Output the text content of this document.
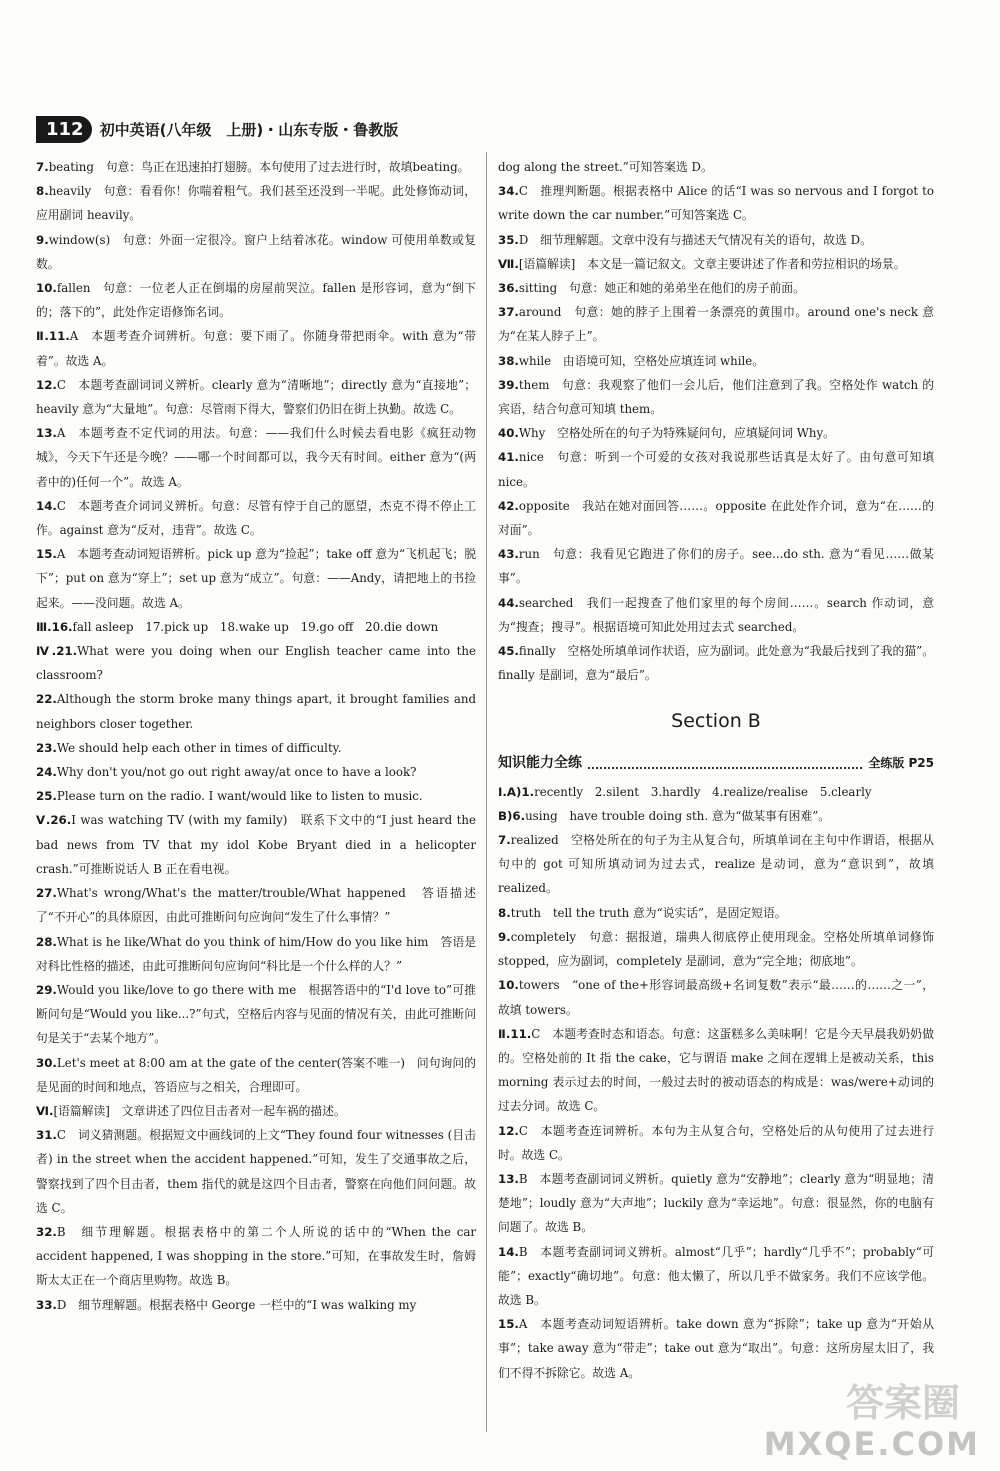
112	初中英语(八年级　上册)・山东专版・鲁教版
7.beating　句意：鸟正在迅速拍打翅膀。本句使用了过去进行时，故填beating。
8.heavily　句意：看看你！你喘着粗气。我们甚至还没到一半呢。此处修饰动词，应用副词 heavily。
9.window(s)　句意：外面一定很冷。窗户上结着冰花。window 可使用单数或复数。
10.fallen　句意：一位老人正在倒塌的房屋前哭泣。fallen 是形容词，意为“倒下的；落下的”，此处作定语修饰名词。
Ⅱ.11.A　本题考查介词辨析。句意：要下雨了。你随身带把雨伞。with 意为“带着”。故选 A。
12.C　本题考查副词词义辨析。clearly 意为“清晰地”；directly 意为“直接地”；heavily 意为“大量地”。句意：尽管雨下得大，警察们仍旧在街上执勤。故选 C。
13.A　本题考查不定代词的用法。句意：——我们什么时候去看电影《疯狂动物城》，今天下午还是今晚？——哪一个时间都可以，我今天有时间。either 意为“(两者中的)任何一个”。故选 A。
14.C　本题考查介词词义辨析。句意：尽管有悖于自己的愿望，杰克不得不停止工作。against 意为“反对，违背”。故选 C。
15.A　本题考查动词短语辨析。pick up 意为“捡起”；take off 意为“飞机起飞；脱下”；put on 意为“穿上”；set up 意为“成立”。句意：——Andy，请把地上的书捡起来。——没问题。故选 A。
Ⅲ.16.fall asleep　17.pick up　18.wake up　19.go off　20.die down
Ⅳ.21.What were you doing when our English teacher came into the classroom?
22.Although the storm broke many things apart, it brought families and neighbors closer together.
23.We should help each other in times of difficulty.
24.Why don't you/not go out right away/at once to have a look?
25.Please turn on the radio. I want/would like to listen to music.
Ⅴ.26.I was watching TV (with my family)　联系下文中的“I just heard the bad news from TV that my idol Kobe Bryant died in a helicopter crash.”可推断说话人 B 正在看电视。
27.What's wrong/What's the matter/trouble/What happened　答语描述了“不开心”的具体原因，由此可推断问句应询问“发生了什么事情？”
28.What is he like/What do you think of him/How do you like him　答语是对科比性格的描述，由此可推断问句应询问“科比是一个什么样的人？”
29.Would you like/love to go there with me　根据答语中的“I'd love to”可推断问句是“Would you like...?”句式，空格后内容与见面的情况有关，由此可推断问句是关于“去某个地方”。
30.Let's meet at 8:00 am at the gate of the center(答案不唯一)　问句询问的是见面的时间和地点，答语应与之相关，合理即可。
Ⅵ.[语篇解读]　文章讲述了四位目击者对一起车祸的描述。
31.C　词义猜测题。根据短文中画线词的上文“They found four witnesses (目击者) in the street when the accident happened.”可知，发生了交通事故之后，警察找到了四个目击者，them 指代的就是这四个目击者，警察在向他们问问题。故选 C。
32.B　细节理解题。根据表格中的第二个人所说的话中的“When the car accident happened, I was shopping in the store.”可知，在事故发生时，詹姆斯太太正在一个商店里购物。故选 B。
33.D　细节理解题。根据表格中 George 一栏中的“I was walking my
dog along the street.”可知答案选 D。
34.C　推理判断题。根据表格中 Alice 的话“I was so nervous and I forgot to write down the car number.”可知答案选 C。
35.D　细节理解题。文章中没有与描述天气情况有关的语句，故选 D。
Ⅶ.[语篇解读]　本文是一篇记叙文。文章主要讲述了作者和劳拉相识的场景。
36.sitting　句意：她正和她的弟弟坐在他们的房子前面。
37.around　句意：她的脖子上围着一条漂亮的黄围巾。around one's neck 意为“在某人脖子上”。
38.while　由语境可知，空格处应填连词 while。
39.them　句意：我观察了他们一会儿后，他们注意到了我。空格处作 watch 的宾语，结合句意可知填 them。
40.Why　空格处所在的句子为特殊疑问句，应填疑问词 Why。
41.nice　句意：听到一个可爱的女孩对我说那些话真是太好了。由句意可知填 nice。
42.opposite　我站在她对面回答……。opposite 在此处作介词，意为“在……的对面”。
43.run　句意：我看见它跑进了你们的房子。see...do sth. 意为“看见……做某事”。
44.searched　我们一起搜查了他们家里的每个房间……。search 作动词，意为“搜查；搜寻”。根据语境可知此处用过去式 searched。
45.finally　空格处所填单词作状语，应为副词。此处意为“我最后找到了我的猫”。finally 是副词，意为“最后”。
Section B
知识能力全练	全练版 P25
Ⅰ.A)1.recently　2.silent　3.hardly　4.realize/realise　5.clearly
B)6.using　have trouble doing sth. 意为“做某事有困难”。
7.realized　空格处所在的句子为主从复合句，所填单词在主句中作谓语，根据从句中的 got 可知所填动词为过去式，realize 是动词，意为“意识到”，故填 realized。
8.truth　tell the truth 意为“说实话”，是固定短语。
9.completely　句意：据报道，瑞典人彻底停止使用现金。空格处所填单词修饰 stopped，应为副词，completely 是副词，意为“完全地；彻底地”。
10.towers　“one of the+形容词最高级+名词复数”表示“最……的……之一”，故填 towers。
Ⅱ.11.C　本题考查时态和语态。句意：这蛋糕多么美味啊！它是今天早晨我奶奶做的。空格处前的 It 指 the cake，它与谓语 make 之间在逻辑上是被动关系，this morning 表示过去的时间，一般过去时的被动语态的构成是：was/were+动词的过去分词。故选 C。
12.C　本题考查连词辨析。本句为主从复合句，空格处后的从句使用了过去进行时。故选 C。
13.B　本题考查副词词义辨析。quietly 意为“安静地”；clearly 意为“明显地；清楚地”；loudly 意为“大声地”；luckily 意为“幸运地”。句意：很显然，你的电脑有问题了。故选 B。
14.B　本题考查副词词义辨析。almost“几乎”；hardly“几乎不”；probably“可能”；exactly“确切地”。句意：他太懒了，所以几乎不做家务。我们不应该学他。故选 B。
15.A　本题考查动词短语辨析。take down 意为“拆除”；take up 意为“开始从事”；take away 意为“带走”；take out 意为“取出”。句意：这所房屋太旧了，我们不得不拆除它。故选 A。
答案圈
MXQE.COM
